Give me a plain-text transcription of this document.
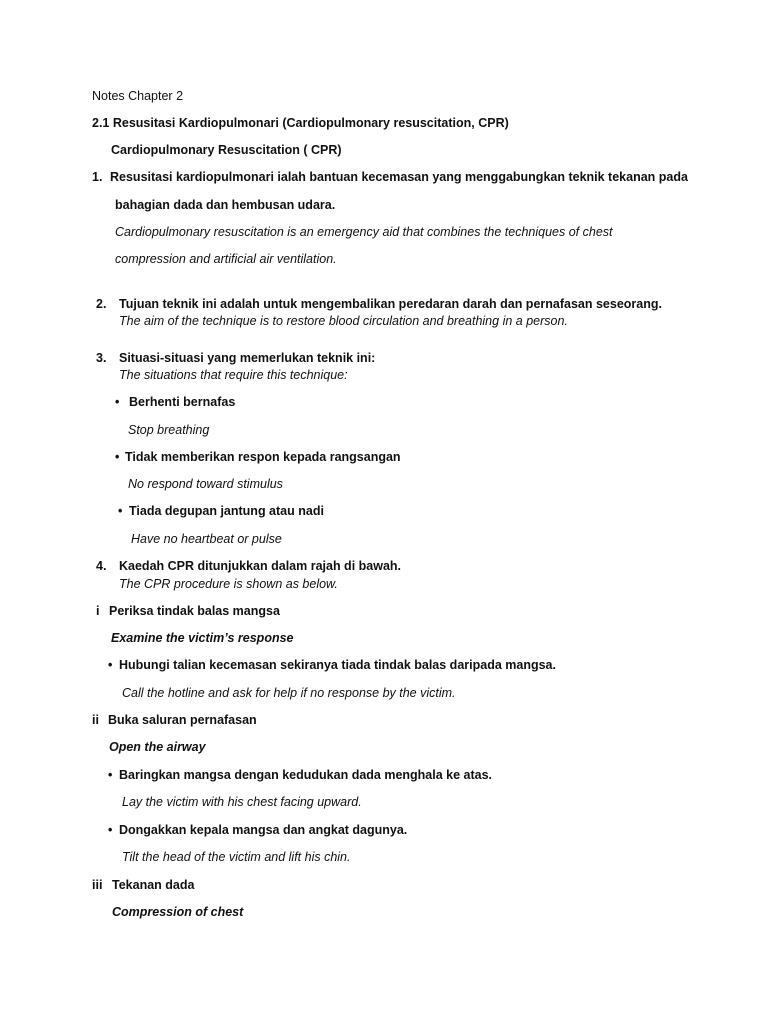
Notes Chapter 2
2.1 Resusitasi Kardiopulmonari (Cardiopulmonary resuscitation, CPR)
Cardiopulmonary Resuscitation ( CPR)
1. Resusitasi kardiopulmonari ialah bantuan kecemasan yang menggabungkan teknik tekanan pada
bahagian dada dan hembusan udara.
Cardiopulmonary resuscitation is an emergency aid that combines the techniques of chest
compression and artificial air ventilation.
2. Tujuan teknik ini adalah untuk mengembalikan peredaran darah dan pernafasan seseorang.
The aim of the technique is to restore blood circulation and breathing in a person.
3. Situasi-situasi yang memerlukan teknik ini:
The situations that require this technique:
• Berhenti bernafas
Stop breathing
• Tidak memberikan respon kepada rangsangan
No respond toward stimulus
• Tiada degupan jantung atau nadi
Have no heartbeat or pulse
4. Kaedah CPR ditunjukkan dalam rajah di bawah.
The CPR procedure is shown as below.
i Periksa tindak balas mangsa
Examine the victim’s response
• Hubungi talian kecemasan sekiranya tiada tindak balas daripada mangsa.
Call the hotline and ask for help if no response by the victim.
ii Buka saluran pernafasan
Open the airway
• Baringkan mangsa dengan kedudukan dada menghala ke atas.
Lay the victim with his chest facing upward.
• Dongakkan kepala mangsa dan angkat dagunya.
Tilt the head of the victim and lift his chin.
iii Tekanan dada
Compression of chest
